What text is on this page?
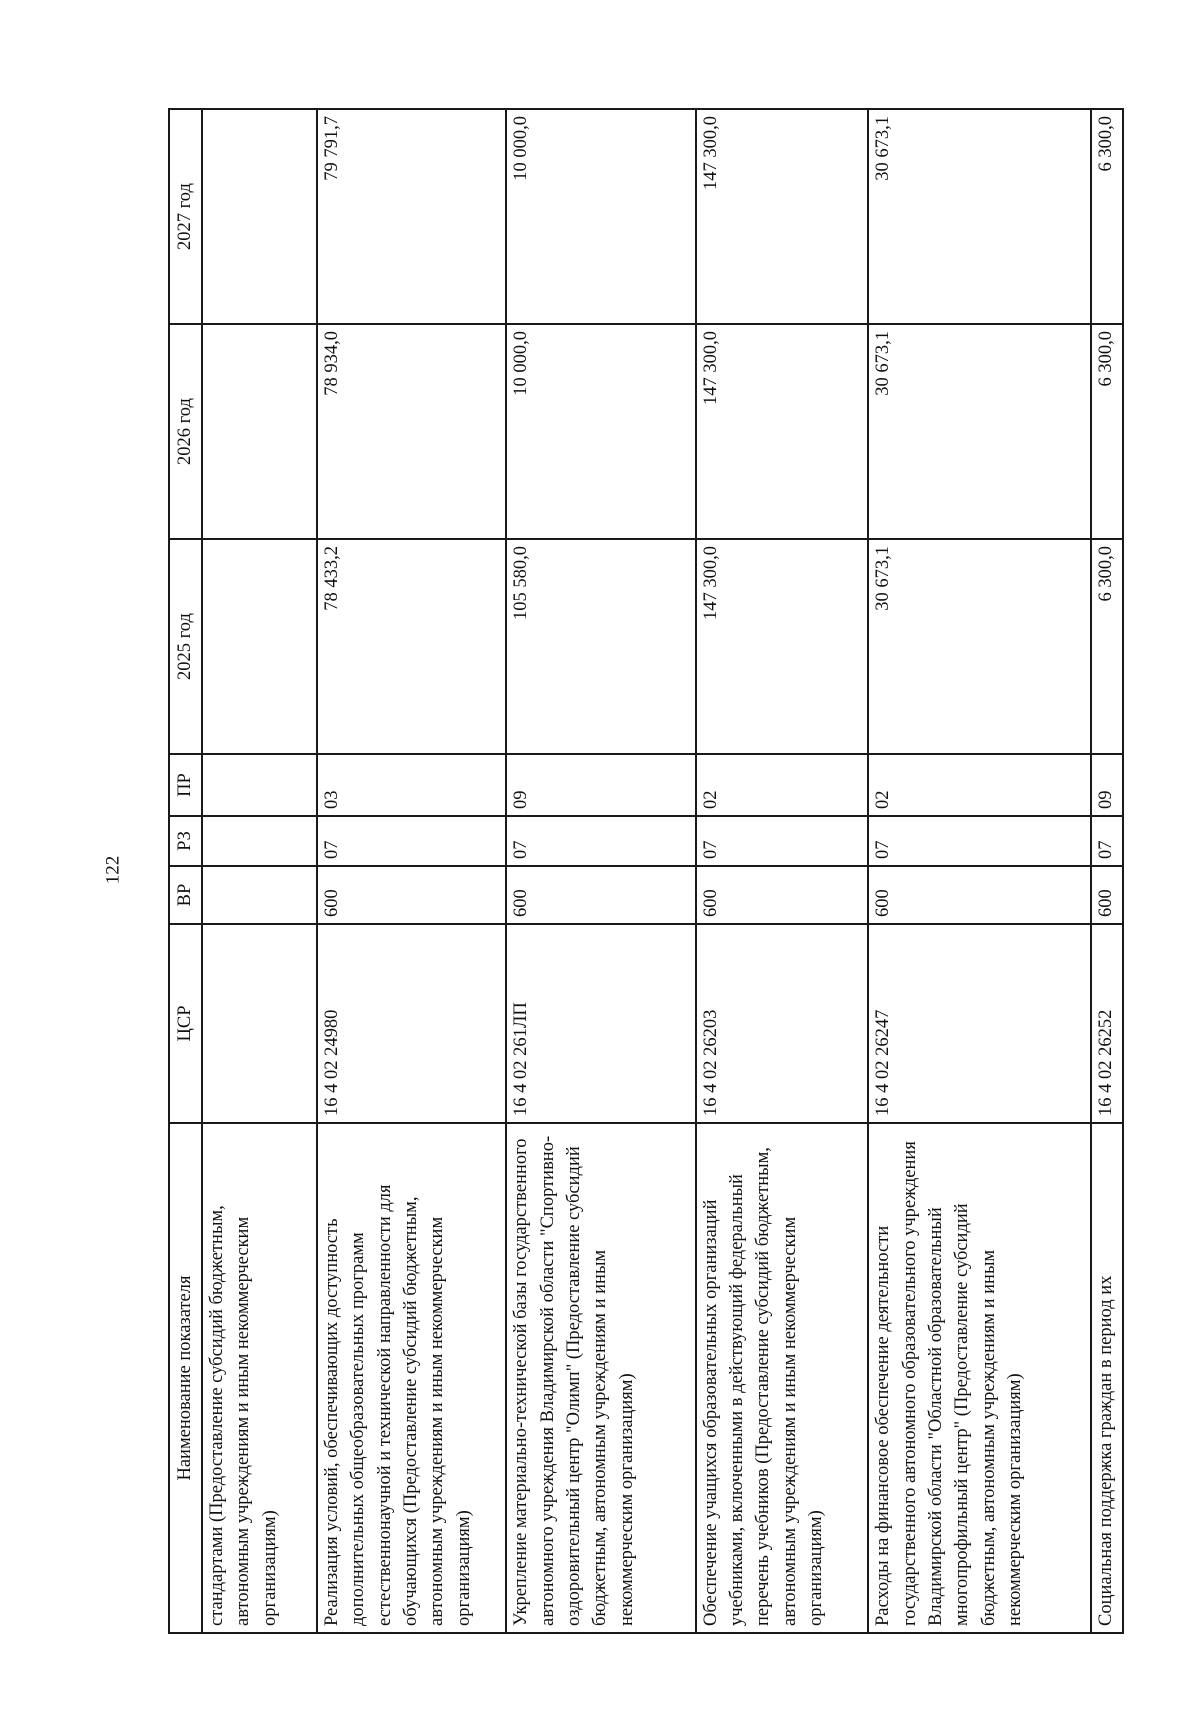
122
Наименование показателя	ЦСР	ВР	РЗ	ПР	2025 год	2026 год	2027 год
стандартами (Предоставление субсидий бюджетным, автономным учреждениям и иным некоммерческим организациям)							
Реализация условий, обеспечивающих доступность дополнительных общеобразовательных программ естественнонаучной и технической направленности для обучающихся (Предоставление субсидий бюджетным, автономным учреждениям и иным некоммерческим организациям)	16 4 02 24980	600	07	03	78 433,2	78 934,0	79 791,7
Укрепление материально-технической базы государственного автономного учреждения Владимирской области "Спортивно-оздоровительный центр "Олимп" (Предоставление субсидий бюджетным, автономным учреждениям и иным некоммерческим организациям)	16 4 02 261ЛП	600	07	09	105 580,0	10 000,0	10 000,0
Обеспечение учащихся образовательных организаций учебниками, включенными в действующий федеральный перечень учебников (Предоставление субсидий бюджетным, автономным учреждениям и иным некоммерческим организациям)	16 4 02 26203	600	07	02	147 300,0	147 300,0	147 300,0
Расходы на финансовое обеспечение деятельности государственного автономного образовательного учреждения Владимирской области "Областной образовательный многопрофильный центр" (Предоставление субсидий бюджетным, автономным учреждениям и иным некоммерческим организациям)	16 4 02 26247	600	07	02	30 673,1	30 673,1	30 673,1
Социальная поддержка граждан в период их	16 4 02 26252	600	07	09	6 300,0	6 300,0	6 300,0
